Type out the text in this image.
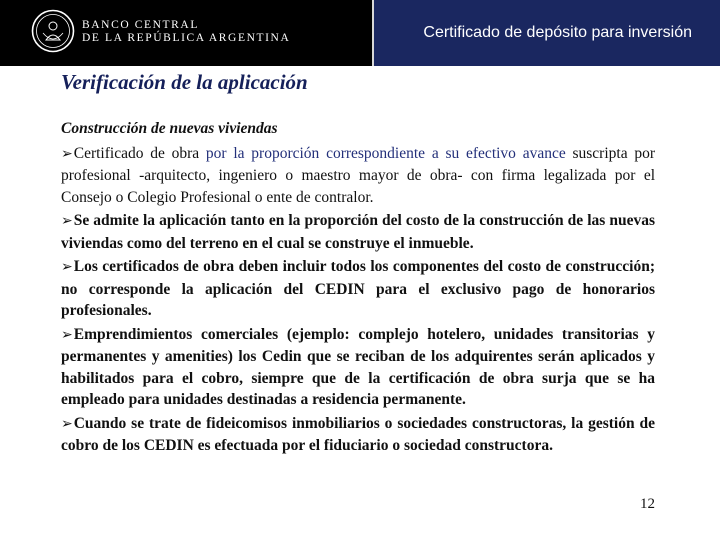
BANCO CENTRAL
DE LA REPÚBLICA ARGENTINA	Certificado de depósito para inversión
Verificación de la aplicación
Construcción de nuevas viviendas

➢Certificado de obra por la proporción correspondiente a su efectivo avance suscripta por profesional -arquitecto, ingeniero o maestro mayor de obra- con firma legalizada por el Consejo o Colegio Profesional o ente de contralor.

➢Se admite la aplicación tanto en la proporción del costo de la construcción de las nuevas viviendas como del terreno en el cual se construye el inmueble.

➢Los certificados de obra deben incluir todos los componentes del costo de construcción; no corresponde la aplicación del CEDIN para el exclusivo pago de honorarios profesionales.

➢Emprendimientos comerciales (ejemplo: complejo hotelero, unidades transitorias y permanentes y amenities) los Cedin que se reciban de los adquirentes serán aplicados y habilitados para el cobro, siempre que de la certificación de obra surja que se ha empleado para unidades destinadas a residencia permanente.

➢Cuando se trate de fideicomisos inmobiliarios o sociedades constructoras, la gestión de cobro de los CEDIN es efectuada por el fiduciario o sociedad constructora.

12
